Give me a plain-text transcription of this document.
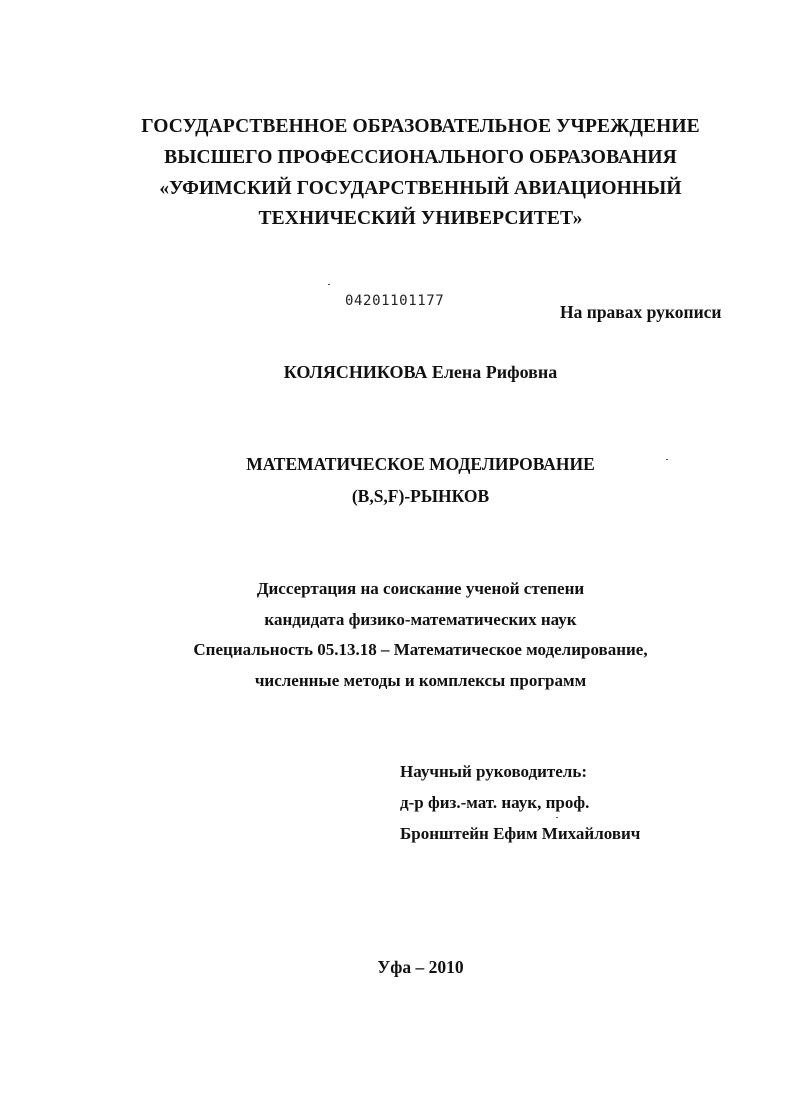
ГОСУДАРСТВЕННОЕ ОБРАЗОВАТЕЛЬНОЕ УЧРЕЖДЕНИЕ
ВЫСШЕГО ПРОФЕССИОНАЛЬНОГО ОБРАЗОВАНИЯ
«УФИМСКИЙ ГОСУДАРСТВЕННЫЙ АВИАЦИОННЫЙ
ТЕХНИЧЕСКИЙ УНИВЕРСИТЕТ»
04201101177
На правах рукописи
КОЛЯСНИКОВА Елена Рифовна
МАТЕМАТИЧЕСКОЕ МОДЕЛИРОВАНИЕ
(B,S,F)-РЫНКОВ
Диссертация на соискание ученой степени
кандидата физико-математических наук
Специальность 05.13.18 – Математическое моделирование,
численные методы и комплексы программ
Научный руководитель:
д-р физ.-мат. наук, проф.
Бронштейн Ефим Михайлович
Уфа – 2010
